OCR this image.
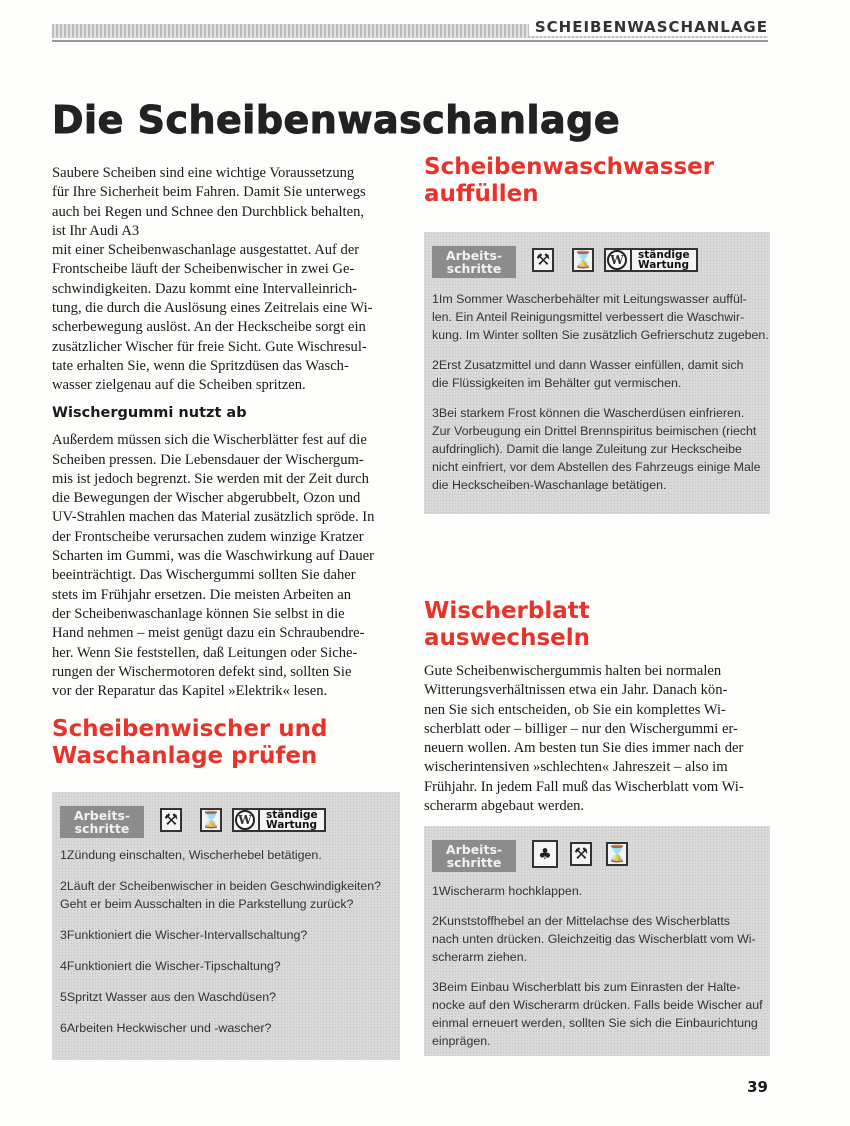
SCHEIBENWASCHANLAGE
Die Scheibenwaschanlage

Saubere Scheiben sind eine wichtige Voraussetzung

für Ihre Sicherheit beim Fahren. Damit Sie unterwegs

auch bei Regen und Schnee den Durchblick behalten,

ist Ihr Audi A3

mit einer Scheibenwaschanlage ausgestattet. Auf der

Frontscheibe läuft der Scheibenwischer in zwei Ge-

schwindigkeiten. Dazu kommt eine Intervalleinrich-

tung, die durch die Auslösung eines Zeitrelais eine Wi-

scherbewegung auslöst. An der Heckscheibe sorgt ein

zusätzlicher Wischer für freie Sicht. Gute Wischresul-

tate erhalten Sie, wenn die Spritzdüsen das Wasch-

wasser zielgenau auf die Scheiben spritzen.

Wischergummi nutzt ab

Außerdem müssen sich die Wischerblätter fest auf die

Scheiben pressen. Die Lebensdauer der Wischergum-

mis ist jedoch begrenzt. Sie werden mit der Zeit durch

die Bewegungen der Wischer abgerubbelt, Ozon und

UV-Strahlen machen das Material zusätzlich spröde. In

der Frontscheibe verursachen zudem winzige Kratzer

Scharten im Gummi, was die Waschwirkung auf Dauer

beeinträchtigt. Das Wischergummi sollten Sie daher

stets im Frühjahr ersetzen. Die meisten Arbeiten an

der Scheibenwaschanlage können Sie selbst in die

Hand nehmen – meist genügt dazu ein Schraubendre-

her. Wenn Sie feststellen, daß Leitungen oder Siche-

rungen der Wischermotoren defekt sind, sollten Sie

vor der Reparatur das Kapitel »Elektrik« lesen.

Scheibenwischer und
Waschanlage prüfen
Arbeits-
schritte	⚒ ⌛ W	ständige
Wartung

1Zündung einschalten, Wischerhebel betätigen.

2Läuft der Scheibenwischer in beiden Geschwindigkeiten?

Geht er beim Ausschalten in die Parkstellung zurück?

3Funktioniert die Wischer-Intervallschaltung?

4Funktioniert die Wischer-Tipschaltung?

5Spritzt Wasser aus den Waschdüsen?

6Arbeiten Heckwischer und -wascher?

Scheibenwaschwasser
auffüllen
Arbeits-
schritte	⚒ ⌛ W	ständige
Wartung

1Im Sommer Wascherbehälter mit Leitungswasser auffül-

len. Ein Anteil Reinigungsmittel verbessert die Waschwir-

kung. Im Winter sollten Sie zusätzlich Gefrierschutz zugeben.

2Erst Zusatzmittel und dann Wasser einfüllen, damit sich

die Flüssigkeiten im Behälter gut vermischen.

3Bei starkem Frost können die Wascherdüsen einfrieren.

Zur Vorbeugung ein Drittel Brennspiritus beimischen (riecht

aufdringlich). Damit die lange Zuleitung zur Heckscheibe

nicht einfriert, vor dem Abstellen des Fahrzeugs einige Male

die Heckscheiben-Waschanlage betätigen.

Wischerblatt
auswechseln

Gute Scheibenwischergummis halten bei normalen

Witterungsverhältnissen etwa ein Jahr. Danach kön-

nen Sie sich entscheiden, ob Sie ein komplettes Wi-

scherblatt oder – billiger – nur den Wischergummi er-

neuern wollen. Am besten tun Sie dies immer nach der

wischerintensiven »schlechten« Jahreszeit – also im

Frühjahr. In jedem Fall muß das Wischerblatt vom Wi-

scherarm abgebaut werden.

Arbeits-
schritte	♣	⚒ ⌛

1Wischerarm hochklappen.

2Kunststoffhebel an der Mittelachse des Wischerblatts

nach unten drücken. Gleichzeitig das Wischerblatt vom Wi-

scherarm ziehen.

3Beim Einbau Wischerblatt bis zum Einrasten der Halte-

nocke auf den Wischerarm drücken. Falls beide Wischer auf

einmal erneuert werden, sollten Sie sich die Einbaurichtung

einprägen.

39
